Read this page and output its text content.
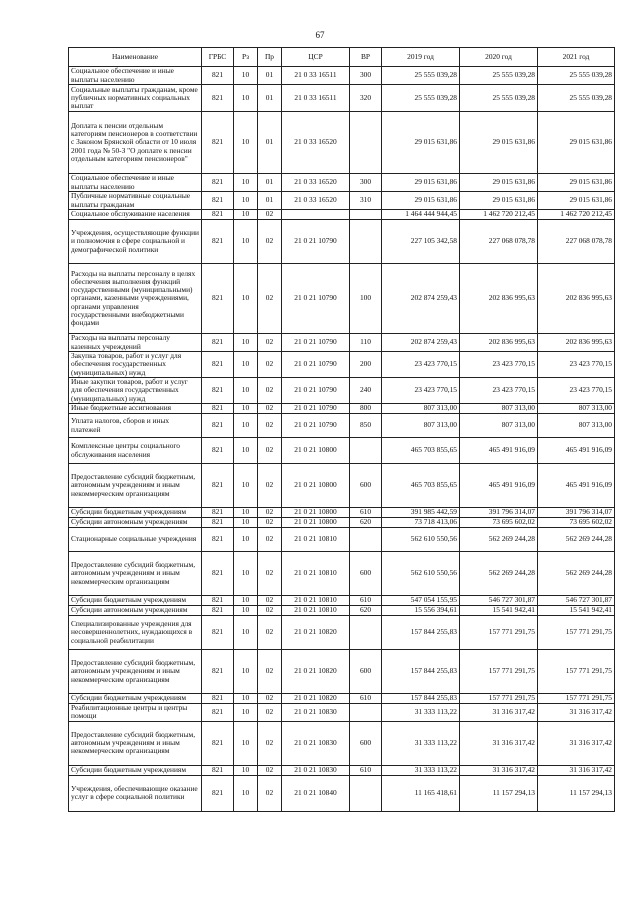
67
Наименование	ГРБС	Рз	Пр	ЦСР	ВР	2019 год	2020 год	2021 год
Социальное обеспечение и иные выплаты населению	821	10	01	21 0 33 16511	300	25 555 039,28	25 555 039,28	25 555 039,28
Социальные выплаты гражданам, кроме публичных нормативных социальных выплат	821	10	01	21 0 33 16511	320	25 555 039,28	25 555 039,28	25 555 039,28
Доплата к пенсии отдельным категориям пенсионеров в соответствии с Законом Брянской области от 10 июля 2001 года № 50-З "О доплате к пенсии отдельным категориям пенсионеров"	821	10	01	21 0 33 16520		29 015 631,86	29 015 631,86	29 015 631,86
Социальное обеспечение и иные выплаты населению	821	10	01	21 0 33 16520	300	29 015 631,86	29 015 631,86	29 015 631,86
Публичные нормативные социальные выплаты гражданам	821	10	01	21 0 33 16520	310	29 015 631,86	29 015 631,86	29 015 631,86
Социальное обслуживание населения	821	10	02			1 464 444 944,45	1 462 720 212,45	1 462 720 212,45
Учреждения, осуществляющие функции и полномочия в сфере социальной и демографической политики	821	10	02	21 0 21 10790		227 105 342,58	227 068 078,78	227 068 078,78
Расходы на выплаты персоналу в целях обеспечения выполнения функций государственными (муниципальными) органами, казенными учреждениями, органами управления государственными внебюджетными фондами	821	10	02	21 0 21 10790	100	202 874 259,43	202 836 995,63	202 836 995,63
Расходы на выплаты персоналу казенных учреждений	821	10	02	21 0 21 10790	110	202 874 259,43	202 836 995,63	202 836 995,63
Закупка товаров, работ и услуг для обеспечения государственных (муниципальных) нужд	821	10	02	21 0 21 10790	200	23 423 770,15	23 423 770,15	23 423 770,15
Иные закупки товаров, работ и услуг для обеспечения государственных (муниципальных) нужд	821	10	02	21 0 21 10790	240	23 423 770,15	23 423 770,15	23 423 770,15
Иные бюджетные ассигнования	821	10	02	21 0 21 10790	800	807 313,00	807 313,00	807 313,00
Уплата налогов, сборов и иных платежей	821	10	02	21 0 21 10790	850	807 313,00	807 313,00	807 313,00
Комплексные центры социального обслуживания населения	821	10	02	21 0 21 10800		465 703 855,65	465 491 916,09	465 491 916,09
Предоставление субсидий бюджетным, автономным учреждениям и иным некоммерческим организациям	821	10	02	21 0 21 10800	600	465 703 855,65	465 491 916,09	465 491 916,09
Субсидии бюджетным учреждениям	821	10	02	21 0 21 10800	610	391 985 442,59	391 796 314,07	391 796 314,07
Субсидии автономным учреждениям	821	10	02	21 0 21 10800	620	73 718 413,06	73 695 602,02	73 695 602,02
Стационарные социальные учреждения	821	10	02	21 0 21 10810		562 610 550,56	562 269 244,28	562 269 244,28
Предоставление субсидий бюджетным, автономным учреждениям и иным некоммерческим организациям	821	10	02	21 0 21 10810	600	562 610 550,56	562 269 244,28	562 269 244,28
Субсидии бюджетным учреждениям	821	10	02	21 0 21 10810	610	547 054 155,95	546 727 301,87	546 727 301,87
Субсидии автономным учреждениям	821	10	02	21 0 21 10810	620	15 556 394,61	15 541 942,41	15 541 942,41
Специализированные учреждения для несовершеннолетних, нуждающихся в социальной реабилитации	821	10	02	21 0 21 10820		157 844 255,83	157 771 291,75	157 771 291,75
Предоставление субсидий бюджетным, автономным учреждениям и иным некоммерческим организациям	821	10	02	21 0 21 10820	600	157 844 255,83	157 771 291,75	157 771 291,75
Субсидии бюджетным учреждениям	821	10	02	21 0 21 10820	610	157 844 255,83	157 771 291,75	157 771 291,75
Реабилитационные центры и центры помощи	821	10	02	21 0 21 10830		31 333 113,22	31 316 317,42	31 316 317,42
Предоставление субсидий бюджетным, автономным учреждениям и иным некоммерческим организациям	821	10	02	21 0 21 10830	600	31 333 113,22	31 316 317,42	31 316 317,42
Субсидии бюджетным учреждениям	821	10	02	21 0 21 10830	610	31 333 113,22	31 316 317,42	31 316 317,42
Учреждения, обеспечивающие оказание услуг в сфере социальной политики	821	10	02	21 0 21 10840		11 165 418,61	11 157 294,13	11 157 294,13
